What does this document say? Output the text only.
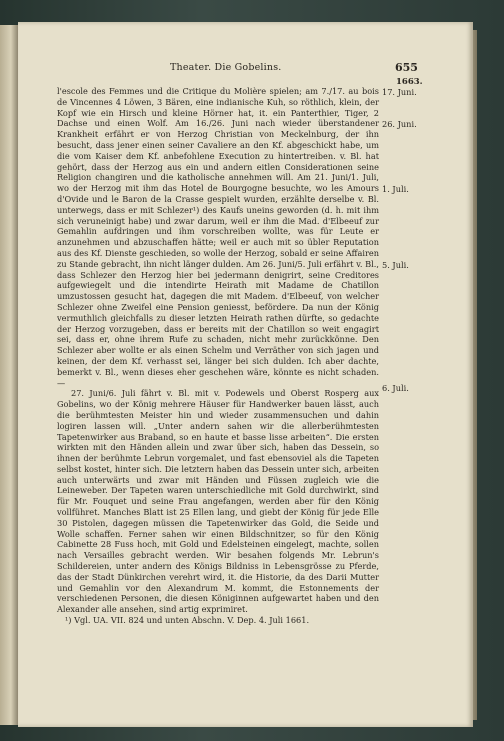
Theater. Die Gobelins.	655
1663.

l'escole des Femmes und die Critique du Molière spielen; am 7./17. au bois de Vincennes 4 Löwen, 3 Bären, eine indianische Kuh, so röthlich, klein, der Kopf wie ein Hirsch und kleine Hörner hat, it. ein Panterthier, Tiger, 2 Dachse und einen Wolf. Am 16./26. Juni nach wieder überstandener Krankheit erfährt er von Herzog Christian von Meckelnburg, der ihn besucht, dass jener einen seiner Cavaliere an den Kf. abgeschickt habe, um die vom Kaiser dem Kf. anbefohlene Execution zu hintertreiben. v. Bl. hat gehört, dass der Herzog aus ein und andern eitlen Considerationen seine Religion changiren und die katholische annehmen will. Am 21. Juni/1. Juli, wo der Herzog mit ihm das Hotel de Bourgogne besuchte, wo les Amours d'Ovide und le Baron de la Crasse gespielt wurden, erzählte derselbe v. Bl. unterwegs, dass er mit Schlezer¹) des Kaufs uneins geworden (d. h. mit ihm sich veruneinigt habe) und zwar darum, weil er ihm die Mad. d'Elbeeuf zur Gemahlin aufdringen und ihm vorschreiben wollte, was für Leute er anzunehmen und abzuschaffen hätte; weil er auch mit so übler Reputation aus des Kf. Dienste geschieden, so wolle der Herzog, sobald er seine Affairen zu Stande gebracht, ihn nicht länger dulden. Am 26. Juni/5. Juli erfährt v. Bl., dass Schlezer den Herzog hier bei jedermann denigrirt, seine Creditores aufgewiegelt und die intendirte Heirath mit Madame de Chatillon umzustossen gesucht hat, dagegen die mit Madem. d'Elbeeuf, von welcher Schlezer ohne Zweifel eine Pension geniesst, befördere. Da nun der König vermuthlich gleichfalls zu dieser letzten Heirath rathen dürfte, so gedachte der Herzog vorzugeben, dass er bereits mit der Chatillon so weit engagirt sei, dass er, ohne ihrem Rufe zu schaden, nicht mehr zurückkönne. Den Schlezer aber wollte er als einen Schelm und Verräther von sich jagen und keinen, der dem Kf. verhasst sei, länger bei sich dulden. Ich aber dachte, bemerkt v. Bl., wenn dieses eher geschehen wäre, könnte es nicht schaden. —

27. Juni/6. Juli fährt v. Bl. mit v. Podewels und Oberst Rosperg aux Gobelins, wo der König mehrere Häuser für Handwerker bauen lässt, auch die berühmtesten Meister hin und wieder zusammensuchen und dahin logiren lassen will. „Unter andern sahen wir die allerberühmtesten Tapetenwirker aus Braband, so en haute et basse lisse arbeiten“. Die ersten wirkten mit den Händen allein und zwar über sich, haben das Dessein, so ihnen der berühmte Lebrun vorgemalet, und fast ebensoviel als die Tapeten selbst kostet, hinter sich. Die letztern haben das Dessein unter sich, arbeiten auch unterwärts und zwar mit Händen und Füssen zugleich wie die Leineweber. Der Tapeten waren unterschiedliche mit Gold durchwirkt, sind für Mr. Fouquet und seine Frau angefangen, werden aber für den König vollführet. Manches Blatt ist 25 Ellen lang, und giebt der König für jede Elle 30 Pistolen, dagegen müssen die Tapetenwirker das Gold, die Seide und Wolle schaffen. Ferner sahen wir einen Bildschnitzer, so für den König Cabinette 28 Fuss hoch, mit Gold und Edelsteinen eingelegt, machte, sollen nach Versailles gebracht werden. Wir besahen folgends Mr. Lebrun's Schildereien, unter andern des Königs Bildniss in Lebensgrösse zu Pferde, das der Stadt Dünkirchen verehrt wird, it. die Historie, da des Darii Mutter und Gemahlin vor den Alexandrum M. kommt, die Estonnements der verschiedenen Personen, die diesen Königinnen aufgewartet haben und den Alexander alle ansehen, sind artig exprimiret.

17. Juni.
26. Juni.
1. Juli.
5. Juli.
6. Juli.
¹) Vgl. UA. VII. 824 und unten Abschn. V. Dep. 4. Juli 1661.
